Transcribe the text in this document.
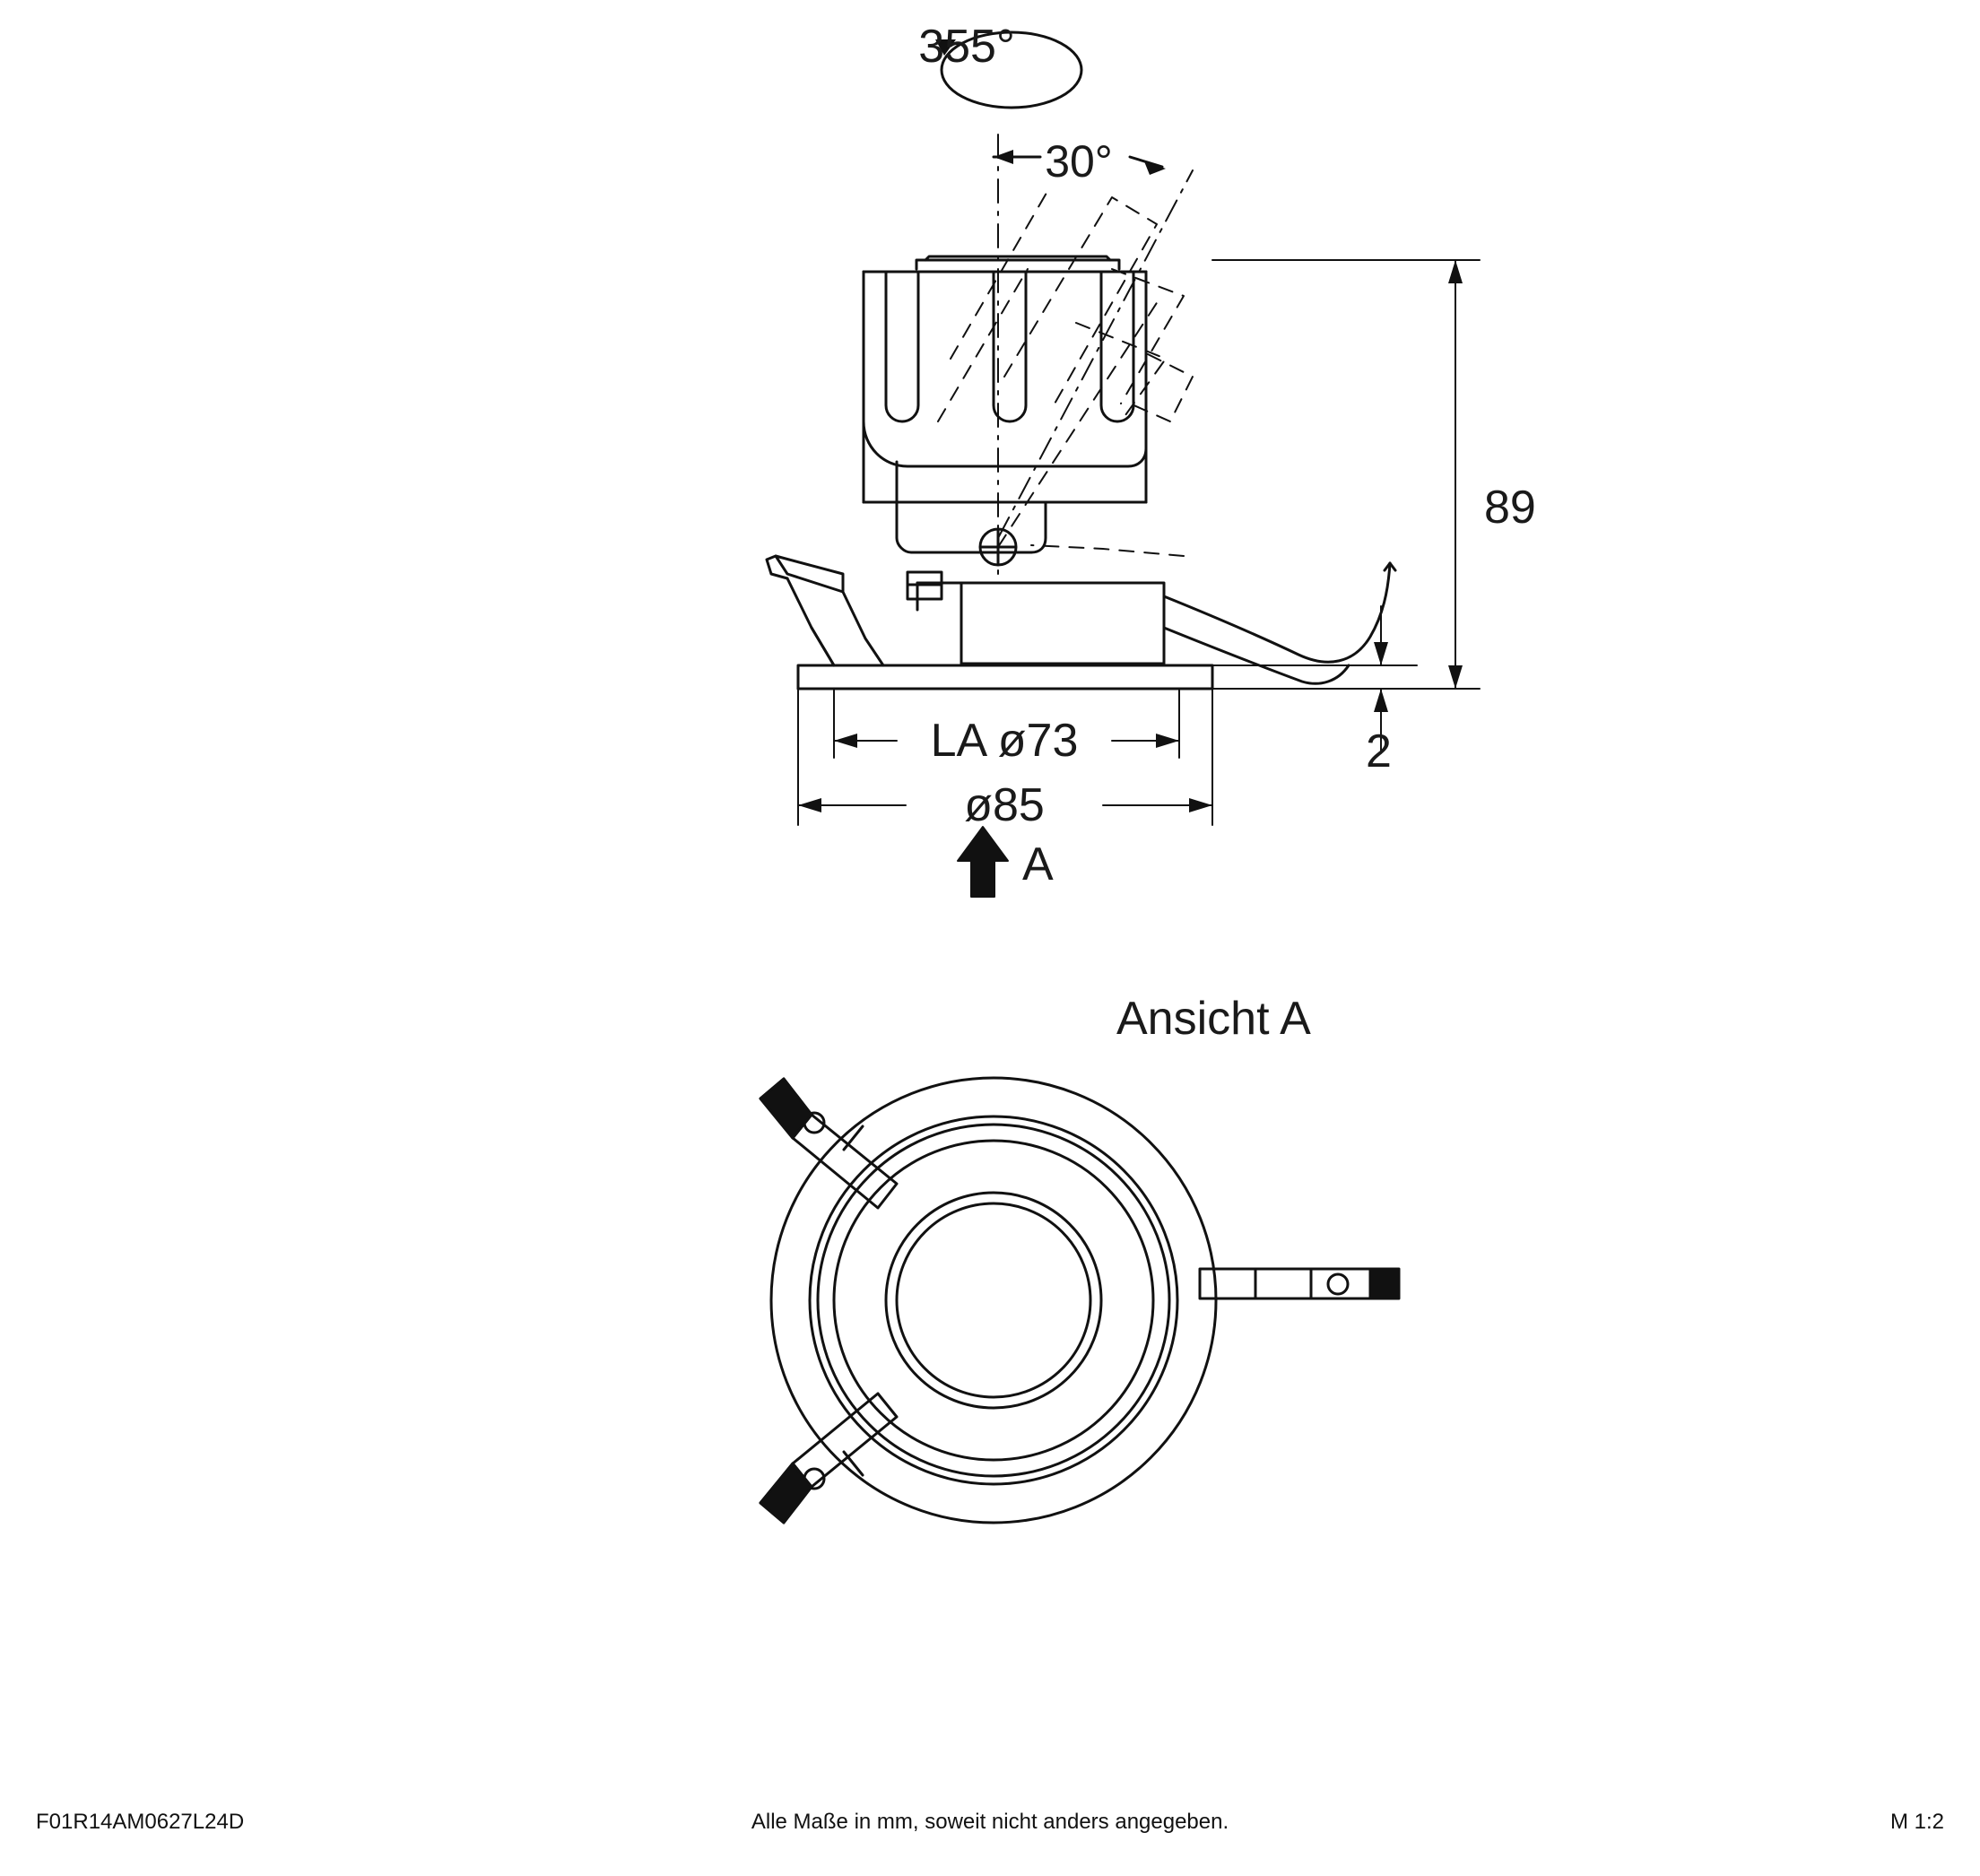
355°
30°
89
2
LA ø73
ø85
A
Ansicht A
F01R14AM0627L24D	Alle Maße in mm, soweit nicht anders angegeben.	M 1:2
